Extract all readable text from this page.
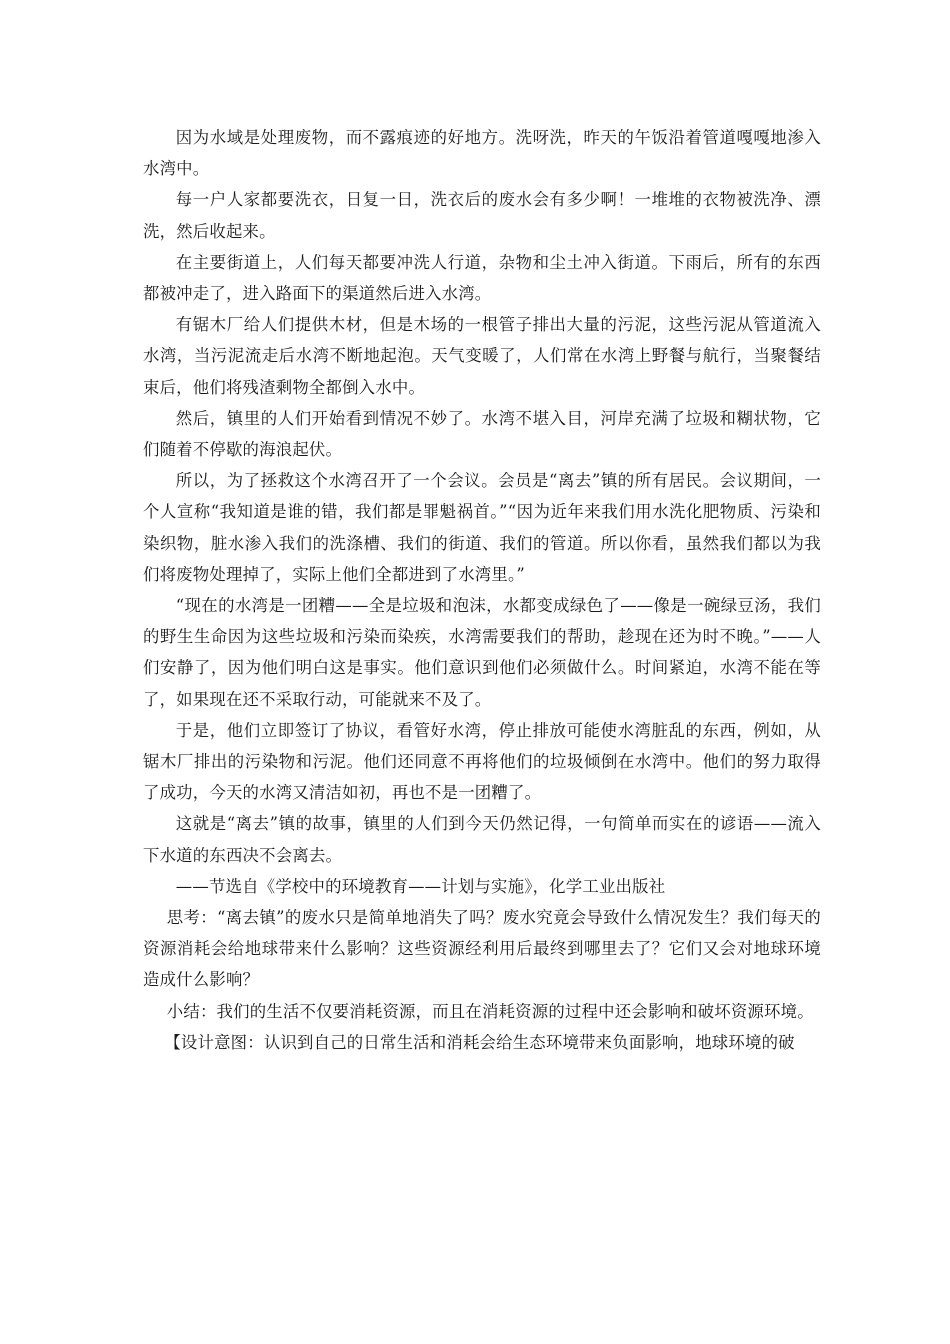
因为水域是处理废物，而不露痕迹的好地方。洗呀洗，昨天的午饭沿着管道嘎嘎地渗入水湾中。

每一户人家都要洗衣，日复一日，洗衣后的废水会有多少啊！一堆堆的衣物被洗净、漂洗，然后收起来。

在主要街道上，人们每天都要冲洗人行道，杂物和尘土冲入街道。下雨后，所有的东西都被冲走了，进入路面下的渠道然后进入水湾。

有锯木厂给人们提供木材，但是木场的一根管子排出大量的污泥，这些污泥从管道流入水湾，当污泥流走后水湾不断地起泡。天气变暖了，人们常在水湾上野餐与航行，当聚餐结束后，他们将残渣剩物全都倒入水中。

然后，镇里的人们开始看到情况不妙了。水湾不堪入目，河岸充满了垃圾和糊状物，它们随着不停歇的海浪起伏。

所以，为了拯救这个水湾召开了一个会议。会员是“离去”镇的所有居民。会议期间，一个人宣称“我知道是谁的错，我们都是罪魁祸首。”“因为近年来我们用水洗化肥物质、污染和染织物，脏水渗入我们的洗涤槽、我们的街道、我们的管道。所以你看，虽然我们都以为我们将废物处理掉了，实际上他们全都进到了水湾里。”

“现在的水湾是一团糟——全是垃圾和泡沫，水都变成绿色了——像是一碗绿豆汤，我们的野生生命因为这些垃圾和污染而染疾，水湾需要我们的帮助，趁现在还为时不晚。”——人们安静了，因为他们明白这是事实。他们意识到他们必须做什么。时间紧迫，水湾不能在等了，如果现在还不采取行动，可能就来不及了。

于是，他们立即签订了协议，看管好水湾，停止排放可能使水湾脏乱的东西，例如，从锯木厂排出的污染物和污泥。他们还同意不再将他们的垃圾倾倒在水湾中。他们的努力取得了成功，今天的水湾又清洁如初，再也不是一团糟了。

这就是“离去”镇的故事，镇里的人们到今天仍然记得，一句简单而实在的谚语——流入下水道的东西决不会离去。

——节选自《学校中的环境教育——计划与实施》，化学工业出版社

思考：“离去镇”的废水只是简单地消失了吗？废水究竟会导致什么情况发生？我们每天的资源消耗会给地球带来什么影响？这些资源经利用后最终到哪里去了？它们又会对地球环境造成什么影响？

小结：我们的生活不仅要消耗资源，而且在消耗资源的过程中还会影响和破坏资源环境。

【设计意图：认识到自己的日常生活和消耗会给生态环境带来负面影响，地球环境的破
